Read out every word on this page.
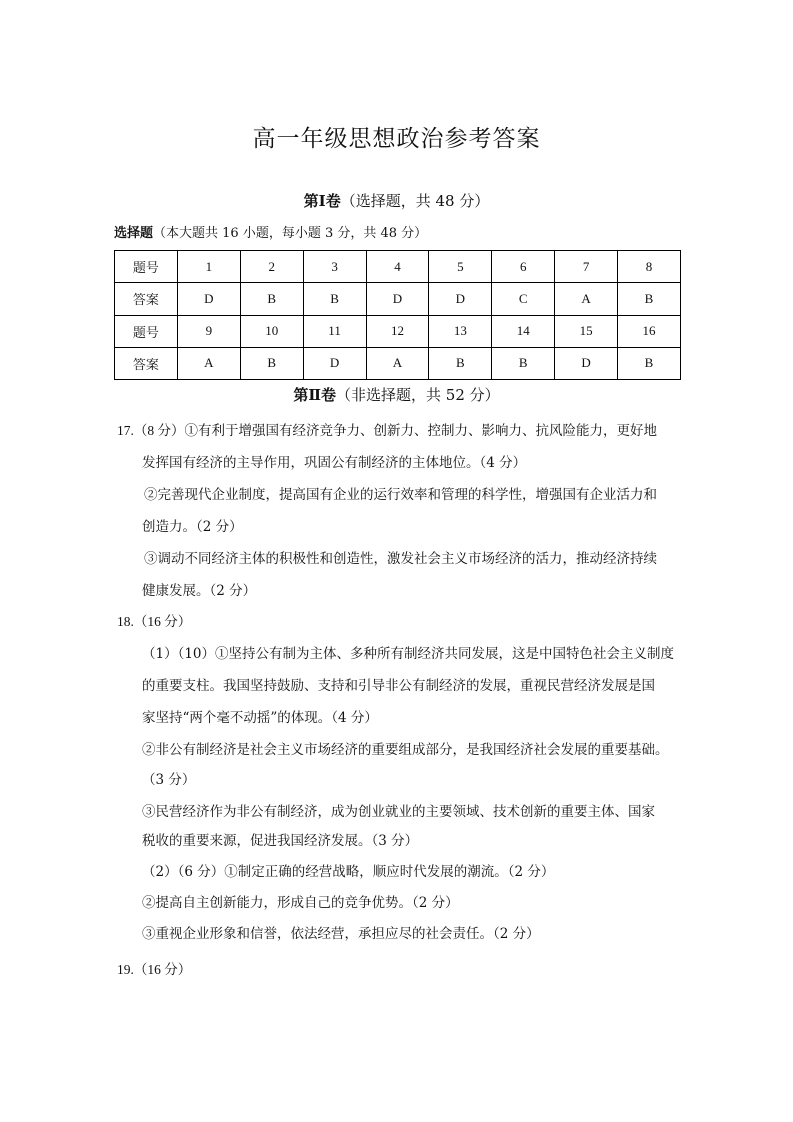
高一年级思想政治参考答案
第Ⅰ卷（选择题，共 48 分）
选择题（本大题共 16 小题，每小题 3 分，共 48 分）
题号	1	2	3	4	5	6	7	8
答案	D	B	B	D	D	C	A	B
题号	9	10	11	12	13	14	15	16
答案	A	B	D	A	B	B	D	B
第Ⅱ卷（非选择题，共 52 分）
17.（8 分）①有利于增强国有经济竞争力、创新力、控制力、影响力、抗风险能力，更好地
发挥国有经济的主导作用，巩固公有制经济的主体地位。（4 分）
②完善现代企业制度，提高国有企业的运行效率和管理的科学性，增强国有企业活力和
创造力。（2 分）
③调动不同经济主体的积极性和创造性，激发社会主义市场经济的活力，推动经济持续
健康发展。（2 分）
18.（16 分）
（1）（10）①坚持公有制为主体、多种所有制经济共同发展，这是中国特色社会主义制度
的重要支柱。我国坚持鼓励、支持和引导非公有制经济的发展，重视民营经济发展是国
家坚持“两个毫不动摇”的体现。（4 分）
②非公有制经济是社会主义市场经济的重要组成部分，是我国经济社会发展的重要基础。
（3 分）
③民营经济作为非公有制经济，成为创业就业的主要领域、技术创新的重要主体、国家
税收的重要来源，促进我国经济发展。（3 分）
（2）（6 分）①制定正确的经营战略，顺应时代发展的潮流。（2 分）
②提高自主创新能力，形成自己的竞争优势。（2 分）
③重视企业形象和信誉，依法经营，承担应尽的社会责任。（2 分）
19.（16 分）
